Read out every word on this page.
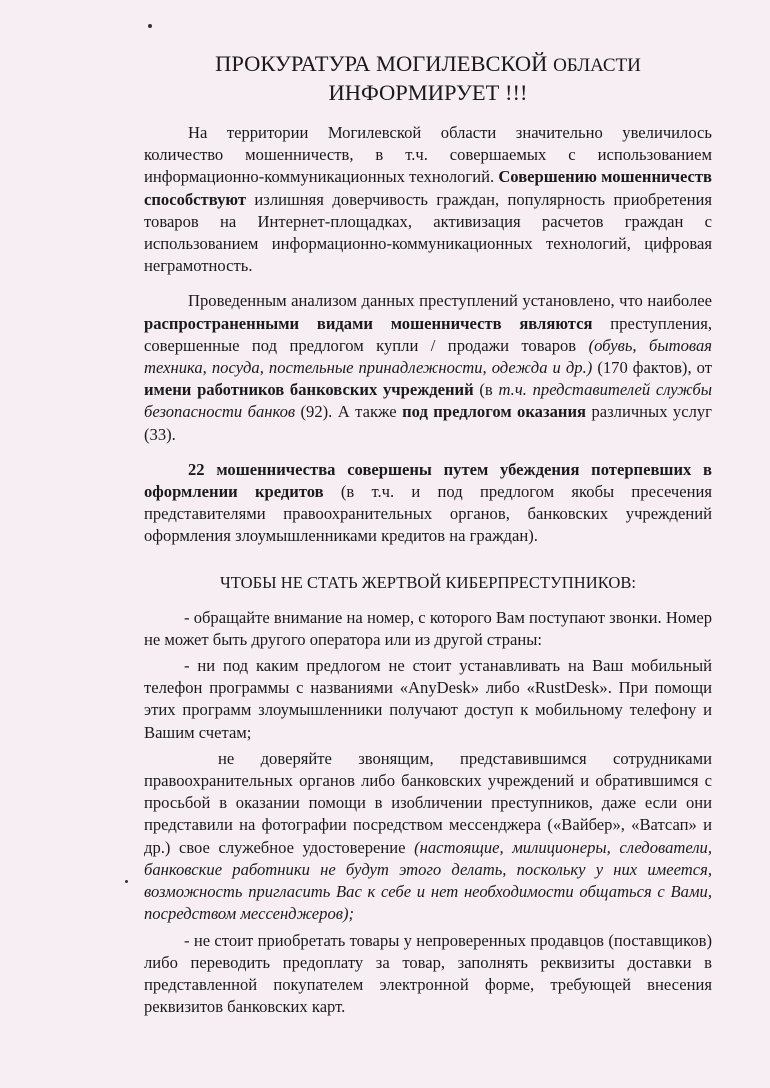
ПРОКУРАТУРА МОГИЛЕВСКОЙ ОБЛАСТИ
ИНФОРМИРУЕТ !!!

На территории Могилевской области значительно увеличилось количество мошенничеств, в т.ч. совершаемых с использованием информационно-коммуникационных технологий. Совершению мошенничеств способствуют излишняя доверчивость граждан, популярность приобретения товаров на Интернет-площадках, активизация расчетов граждан с использованием информационно-коммуникационных технологий, цифровая неграмотность.

Проведенным анализом данных преступлений установлено, что наиболее распространенными видами мошенничеств являются преступления, совершенные под предлогом купли / продажи товаров (обувь, бытовая техника, посуда, постельные принадлежности, одежда и др.) (170 фактов), от имени работников банковских учреждений (в т.ч. представителей службы безопасности банков (92). А также под предлогом оказания различных услуг (33).

22 мошенничества совершены путем убеждения потерпевших в оформлении кредитов (в т.ч. и под предлогом якобы пресечения представителями правоохранительных органов, банковских учреждений оформления злоумышленниками кредитов на граждан).

ЧТОБЫ НЕ СТАТЬ ЖЕРТВОЙ КИБЕРПРЕСТУПНИКОВ:

- обращайте внимание на номер, с которого Вам поступают звонки. Номер не может быть другого оператора или из другой страны:

- ни под каким предлогом не стоит устанавливать на Ваш мобильный телефон программы с названиями «AnyDesk» либо «RustDesk». При помощи этих программ злоумышленники получают доступ к мобильному телефону и Вашим счетам;

не доверяйте звонящим, представившимся сотрудниками правоохранительных органов либо банковских учреждений и обратившимся с просьбой в оказании помощи в изобличении преступников, даже если они представили на фотографии посредством мессенджера («Вайбер», «Ватсап» и др.) свое служебное удостоверение (настоящие, милиционеры, следователи, банковские работники не будут этого делать, поскольку у них имеется, возможность пригласить Вас к себе и нет необходимости общаться с Вами, посредством мессенджеров);

- не стоит приобретать товары у непроверенных продавцов (поставщиков) либо переводить предоплату за товар, заполнять реквизиты доставки в представленной покупателем электронной форме, требующей внесения реквизитов банковских карт.
